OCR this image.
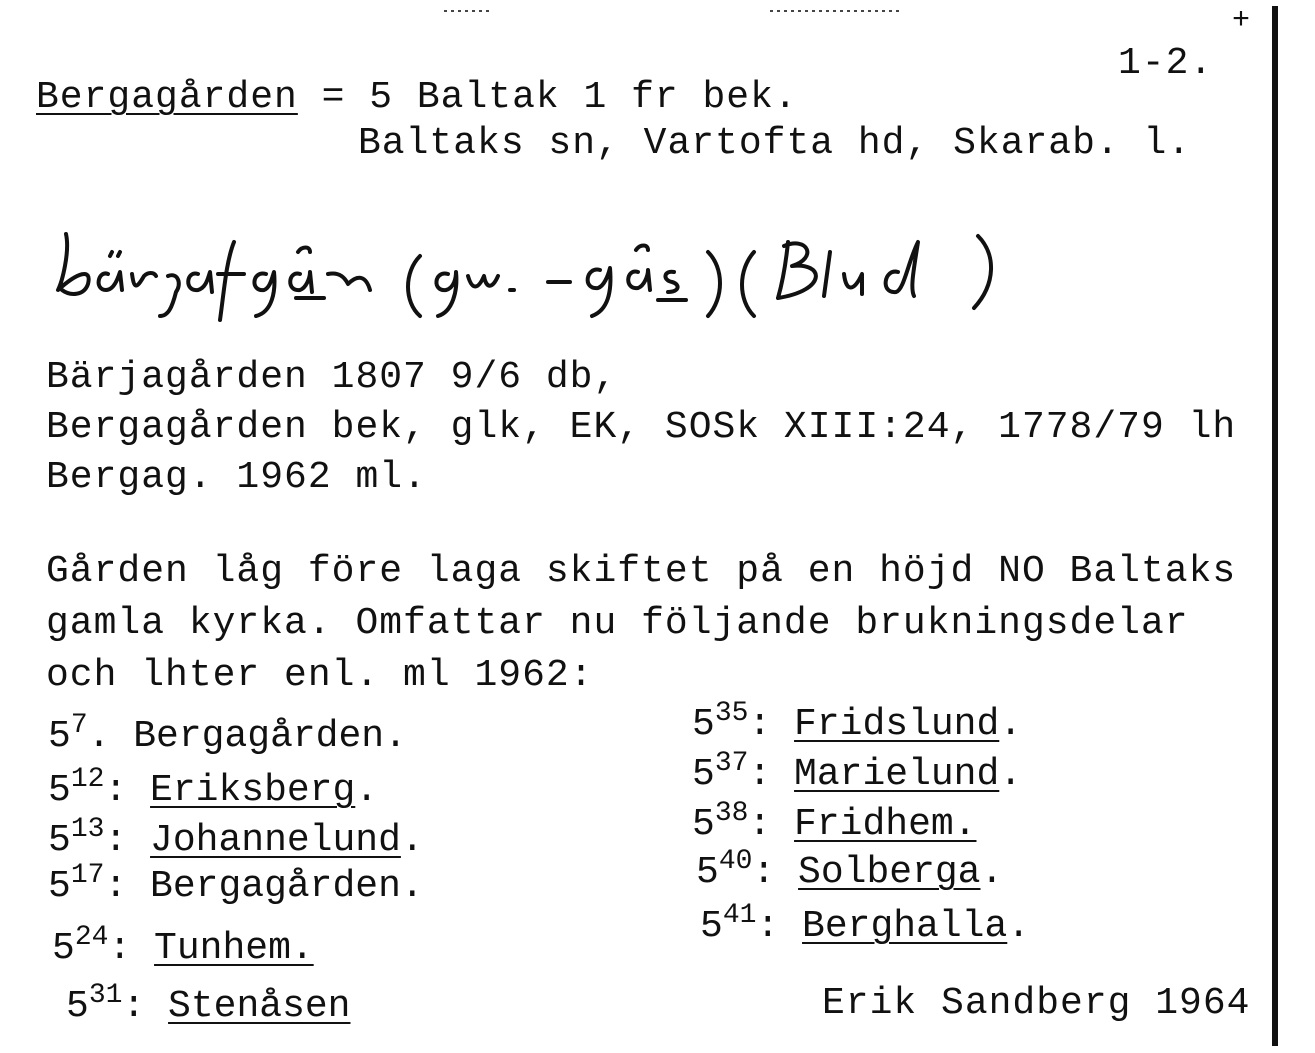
+
1-2.
Bergagården = 5 Baltak 1 fr bek.
Baltaks sn, Vartofta hd, Skarab. l.
Bärjagården 1807 9/6 db,
Bergagården bek, glk, EK, SOSk XIII:24, 1778/79 lh
Bergag. 1962 ml.
Gården låg före laga skiftet på en höjd NO Baltaks
gamla kyrka. Omfattar nu följande brukningsdelar
och lhter enl. ml 1962:
$5^7$. Bergagården.
$5^{12}$: Eriksberg.
$5^{13}$: Johannelund.
$5^{17}$: Bergagården.
$5^{24}$: Tunhem.
$5^{31}$: Stenåsen
$5^{35}$: Fridslund.
$5^{37}$: Marielund.
$5^{38}$: Fridhem.
$5^{40}$: Solberga.
$5^{41}$: Berghalla.
Erik Sandberg 1964
